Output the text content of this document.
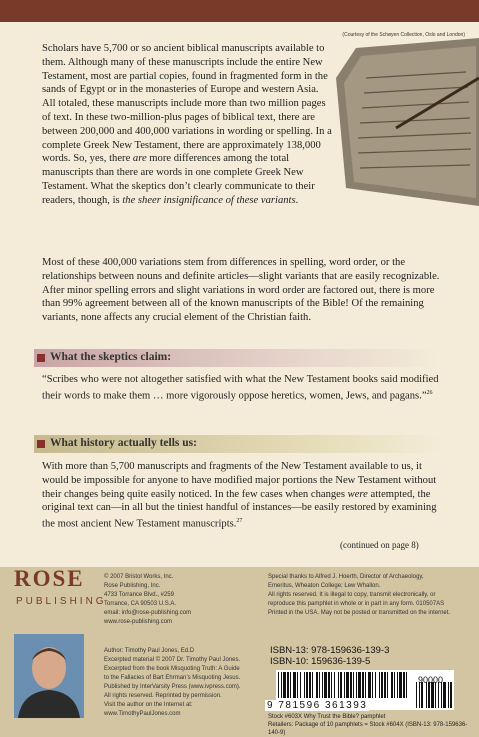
(Courtesy of the Schøyen Collection, Oslo and London)

Scholars have 5,700 or so ancient biblical manuscripts available to them. Although many of these manuscripts include the entire New Testament, most are partial copies, found in fragmented form in the sands of Egypt or in the monasteries of Europe and western Asia. All totaled, these manuscripts include more than two million pages of text. In these two-million-plus pages of biblical text, there are between 200,000 and 400,000 variations in wording or spelling. In a complete Greek New Testament, there are approximately 138,000 words. So, yes, there are more differences among the total manuscripts than there are words in one complete Greek New Testament. What the skeptics don’t clearly communicate to their readers, though, is the sheer insignificance of these variants.

Most of these 400,000 variations stem from differences in spelling, word order, or the relationships between nouns and definite articles—slight variants that are easily recognizable. After minor spelling errors and slight variations in word order are factored out, there is more than 99% agreement between all of the known manuscripts of the Bible! Of the remaining variants, none affects any crucial element of the Christian faith.

What the skeptics claim:

“Scribes who were not altogether satisfied with what the New Testament books said modified their words to make them … more vigorously oppose heretics, women, Jews, and pagans.”$^{26}$

What history actually tells us:

With more than 5,700 manuscripts and fragments of the New Testament available to us, it would be impossible for anyone to have modified major portions the New Testament without their changes being quite easily noticed. In the few cases when changes were attempted, the original text can—in all but the tiniest handful of instances—be easily restored by examining the most ancient New Testament manuscripts.$^{27}$

(continued on page 8)
ROSE
PUBLISHING
© 2007 Bristol Works, Inc.
Rose Publishing, Inc.
4733 Torrance Blvd., #259
Torrance, CA 90503 U.S.A.
email: info@rose-publishing.com
www.rose-publishing.com
Special thanks to Alfred J. Hoerth, Director of Archaeology,
Emeritus, Wheaton College; Lew Whallon.
All rights reserved. It is illegal to copy, transmit electronically, or
reproduce this pamphlet in whole or in part in any form. 010507AS
Printed in the USA. May not be posted or transmitted on the internet.
Author: Timothy Paul Jones, Ed.D
Excerpted material © 2007 Dr. Timothy Paul Jones.
Excerpted from the book Misquoting Truth: A Guide
to the Fallacies of Bart Ehrman’s Misquoting Jesus.
Published by InterVarsity Press (www.ivpress.com).
All rights reserved. Reprinted by permission.
Visit the author on the Internet at:
www.TimothyPaulJones.com
ISBN-13: 978-159636-139-3
ISBN-10: 159636-139-5
90000
9 781596 361393
Stock #603X Why Trust the Bible? pamphlet
Retailers: Package of 10 pamphlets = Stock #604X (ISBN-13: 978-159636-140-9)
